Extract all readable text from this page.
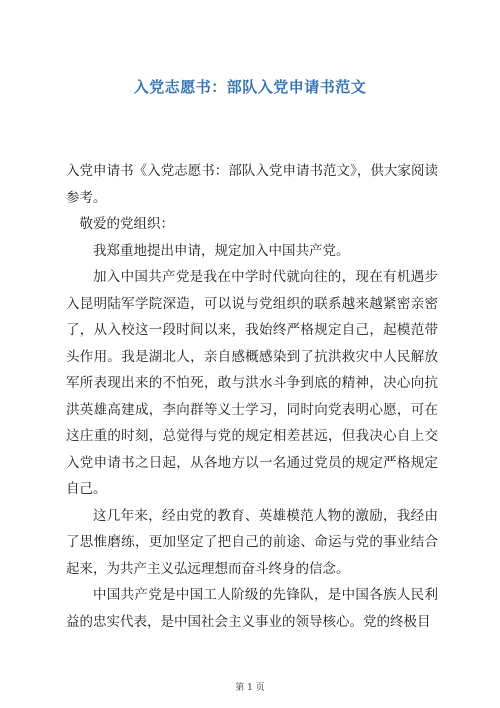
入党志愿书：部队入党申请书范文

入党申请书《入党志愿书：部队入党申请书范文》，供大家阅读参考。

敬爱的党组织：

我郑重地提出申请，规定加入中国共产党。

加入中国共产党是我在中学时代就向往的，现在有机遇步入昆明陆军学院深造，可以说与党组织的联系越来越紧密亲密了，从入校这一段时间以来，我始终严格规定自己，起模范带头作用。我是湖北人，亲自感概感染到了抗洪救灾中人民解放军所表现出来的不怕死，敢与洪水斗争到底的精神，决心向抗洪英雄高建成，李向群等义士学习，同时向党表明心愿，可在这庄重的时刻，总觉得与党的规定相差甚远，但我决心自上交入党申请书之日起，从各地方以一名通过党员的规定严格规定自己。

这几年来，经由党的教育、英雄模范人物的激励，我经由了思惟磨练，更加坚定了把自己的前途、命运与党的事业结合起来，为共产主义弘远理想而奋斗终身的信念。

中国共产党是中国工人阶级的先锋队，是中国各族人民利益的忠实代表，是中国社会主义事业的领导核心。党的终极目

第 1 页
